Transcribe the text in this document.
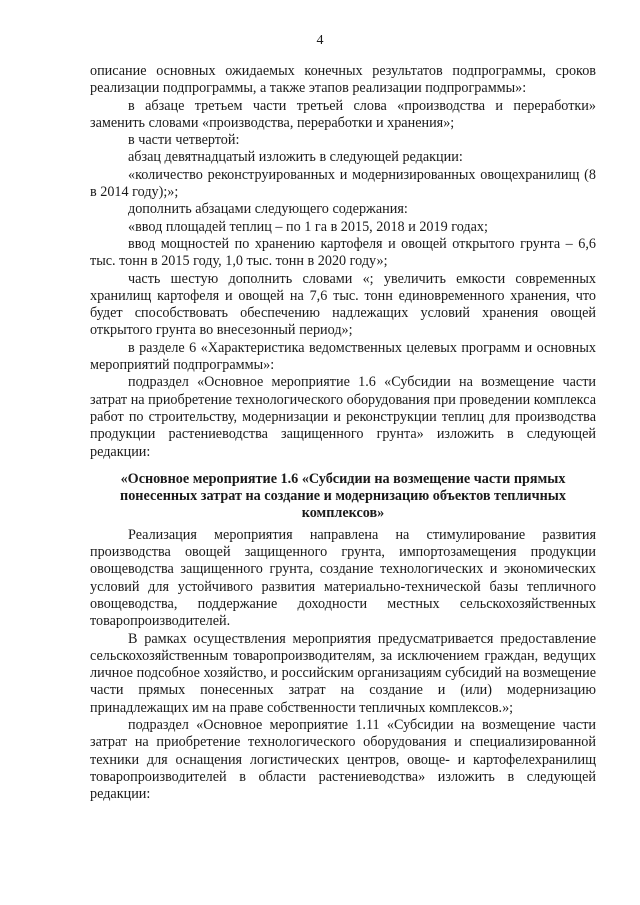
4

описание основных ожидаемых конечных результатов подпрограммы, сроков реализации подпрограммы, а также этапов реализации подпрограммы»:

в абзаце третьем части третьей слова «производства и переработки» заменить словами «производства, переработки и хранения»;

в части четвертой:

абзац девятнадцатый изложить в следующей редакции:

«количество реконструированных и модернизированных овощехранилищ (8 в 2014 году);»;

дополнить абзацами следующего содержания:

«ввод площадей теплиц – по 1 га в 2015, 2018 и 2019 годах;

ввод мощностей по хранению картофеля и овощей открытого грунта – 6,6 тыс. тонн в 2015 году, 1,0 тыс. тонн в 2020 году»;

часть шестую дополнить словами «; увеличить емкости современных хранилищ картофеля и овощей на 7,6 тыс. тонн единовременного хранения, что будет способствовать обеспечению надлежащих условий хранения овощей открытого грунта во внесезонный период»;

в разделе 6 «Характеристика ведомственных целевых программ и основных мероприятий подпрограммы»:

подраздел «Основное мероприятие 1.6 «Субсидии на возмещение части затрат на приобретение технологического оборудования при проведении комплекса работ по строительству, модернизации и реконструкции теплиц для производства продукции растениеводства защищенного грунта» изложить в следующей редакции:

«Основное мероприятие 1.6 «Субсидии на возмещение части прямых понесенных затрат на создание и модернизацию объектов тепличных комплексов»

Реализация мероприятия направлена на стимулирование развития производства овощей защищенного грунта, импортозамещения продукции овощеводства защищенного грунта, создание технологических и экономических условий для устойчивого развития материально-технической базы тепличного овощеводства, поддержание доходности местных сельскохозяйственных товаропроизводителей.

В рамках осуществления мероприятия предусматривается предоставление сельскохозяйственным товаропроизводителям, за исключением граждан, ведущих личное подсобное хозяйство, и российским организациям субсидий на возмещение части прямых понесенных затрат на создание и (или) модернизацию принадлежащих им на праве собственности тепличных комплексов.»;

подраздел «Основное мероприятие 1.11 «Субсидии на возмещение части затрат на приобретение технологического оборудования и специализированной техники для оснащения логистических центров, овоще- и картофелехранилищ товаропроизводителей в области растениеводства» изложить в следующей редакции:
